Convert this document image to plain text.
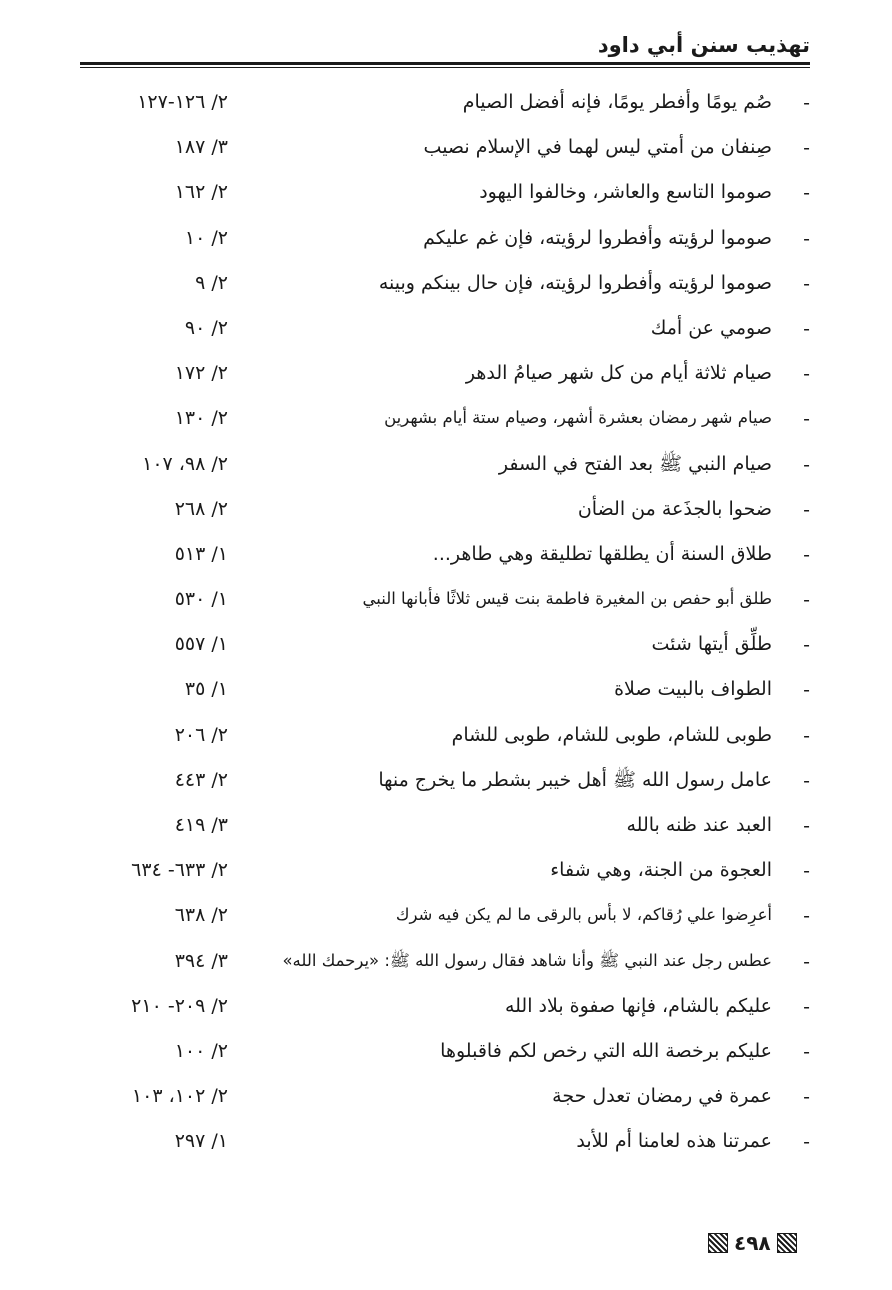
تهذيب سنن أبي داود
-
صُم يومًا وأفطر يومًا، فإنه أفضل الصيام
٢/ ١٢٦-١٢٧
-
صِنفان من أمتي ليس لهما في الإسلام نصيب
٣/ ١٨٧
-
صوموا التاسع والعاشر، وخالفوا اليهود
٢/ ١٦٢
-
صوموا لرؤيته وأفطروا لرؤيته، فإن غم عليكم
٢/ ١٠
-
صوموا لرؤيته وأفطروا لرؤيته، فإن حال بينكم وبينه
٢/ ٩
-
صومي عن أمك
٢/ ٩٠
-
صيام ثلاثة أيام من كل شهر صيامُ الدهر
٢/ ١٧٢
-
صيام شهر رمضان بعشرة أشهر، وصيام ستة أيام بشهرين
٢/ ١٣٠
-
صيام النبي ﷺ بعد الفتح في السفر
٢/ ٩٨، ١٠٧
-
ضحوا بالجذَعة من الضأن
٢/ ٢٦٨
-
طلاق السنة أن يطلقها تطليقة وهي طاهر...
١/ ٥١٣
-
طلق أبو حفص بن المغيرة فاطمة بنت قيس ثلاثًا فأبانها النبي
١/ ٥٣٠
-
طلِّق أيتها شئت
١/ ٥٥٧
-
الطواف بالبيت صلاة
١/ ٣٥
-
طوبى للشام، طوبى للشام، طوبى للشام
٢/ ٢٠٦
-
عامل رسول الله ﷺ أهل خيبر بشطر ما يخرج منها
٢/ ٤٤٣
-
العبد عند ظنه بالله
٣/ ٤١٩
-
العجوة من الجنة، وهي شفاء
٢/ ٦٣٣- ٦٣٤
-
أعرِضوا علي رُقاكم، لا بأس بالرقى ما لم يكن فيه شرك
٢/ ٦٣٨
-
عطس رجل عند النبي ﷺ وأنا شاهد فقال رسول الله ﷺ: «يرحمك الله»
٣/ ٣٩٤
-
عليكم بالشام، فإنها صفوة بلاد الله
٢/ ٢٠٩- ٢١٠
-
عليكم برخصة الله التي رخص لكم فاقبلوها
٢/ ١٠٠
-
عمرة في رمضان تعدل حجة
٢/ ١٠٢، ١٠٣
-
عمرتنا هذه لعامنا أم للأبد
١/ ٢٩٧
٤٩٨
